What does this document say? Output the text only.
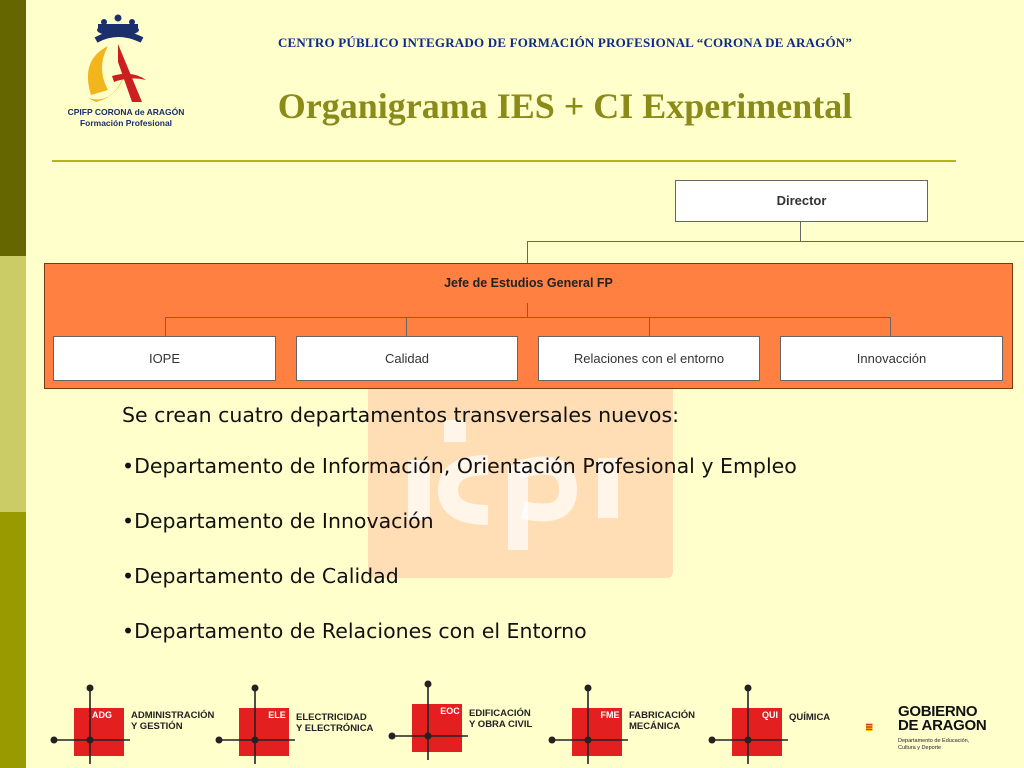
CPIFP CORONA de ARAGÓN
Formación Profesional
CENTRO PÚBLICO INTEGRADO DE FORMACIÓN PROFESIONAL “CORONA DE ARAGÓN”
Organigrama IES + CI Experimental
Director
Jefe de Estudios General FP
IOPE	Calidad	Relaciones con el entorno	Innovacción
Se crean cuatro departamentos transversales nuevos:
•Departamento de Información, Orientación Profesional y Empleo
•Departamento de Innovación
•Departamento de Calidad
•Departamento de Relaciones con el Entorno
ADG ADMINISTRACIÓN
Y GESTIÓN
ELE ELECTRICIDAD
Y ELECTRÓNICA
EOC EDIFICACIÓN
Y OBRA CIVIL
FME FABRICACIÓN
MECÁNICA
QUI QUÍMICA	GOBIERNO
DE ARAGON
Departamento de Educación,
Cultura y Deporte
